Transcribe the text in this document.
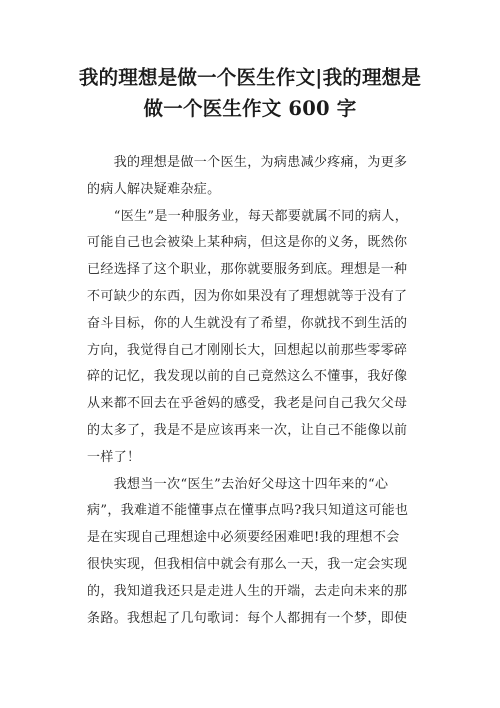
我的理想是做一个医生作文|我的理想是
做一个医生作文 600 字
　　我的理想是做一个医生，为病患减少疼痛，为更多
的病人解决疑难杂症。
　　“医生”是一种服务业，每天都要就属不同的病人，
可能自己也会被染上某种病，但这是你的义务，既然你
已经选择了这个职业，那你就要服务到底。理想是一种
不可缺少的东西，因为你如果没有了理想就等于没有了
奋斗目标，你的人生就没有了希望，你就找不到生活的
方向，我觉得自己才刚刚长大，回想起以前那些零零碎
碎的记忆，我发现以前的自己竟然这么不懂事，我好像
从来都不回去在乎爸妈的感受，我老是问自己我欠父母
的太多了，我是不是应该再来一次，让自己不能像以前
一样了！
　　我想当一次“医生”去治好父母这十四年来的“心
病”，我难道不能懂事点在懂事点吗?我只知道这可能也
是在实现自己理想途中必须要经困难吧!我的理想不会
很快实现，但我相信中就会有那么一天，我一定会实现
的，我知道我还只是走进人生的开端，去走向未来的那
条路。我想起了几句歌词：每个人都拥有一个梦，即使
